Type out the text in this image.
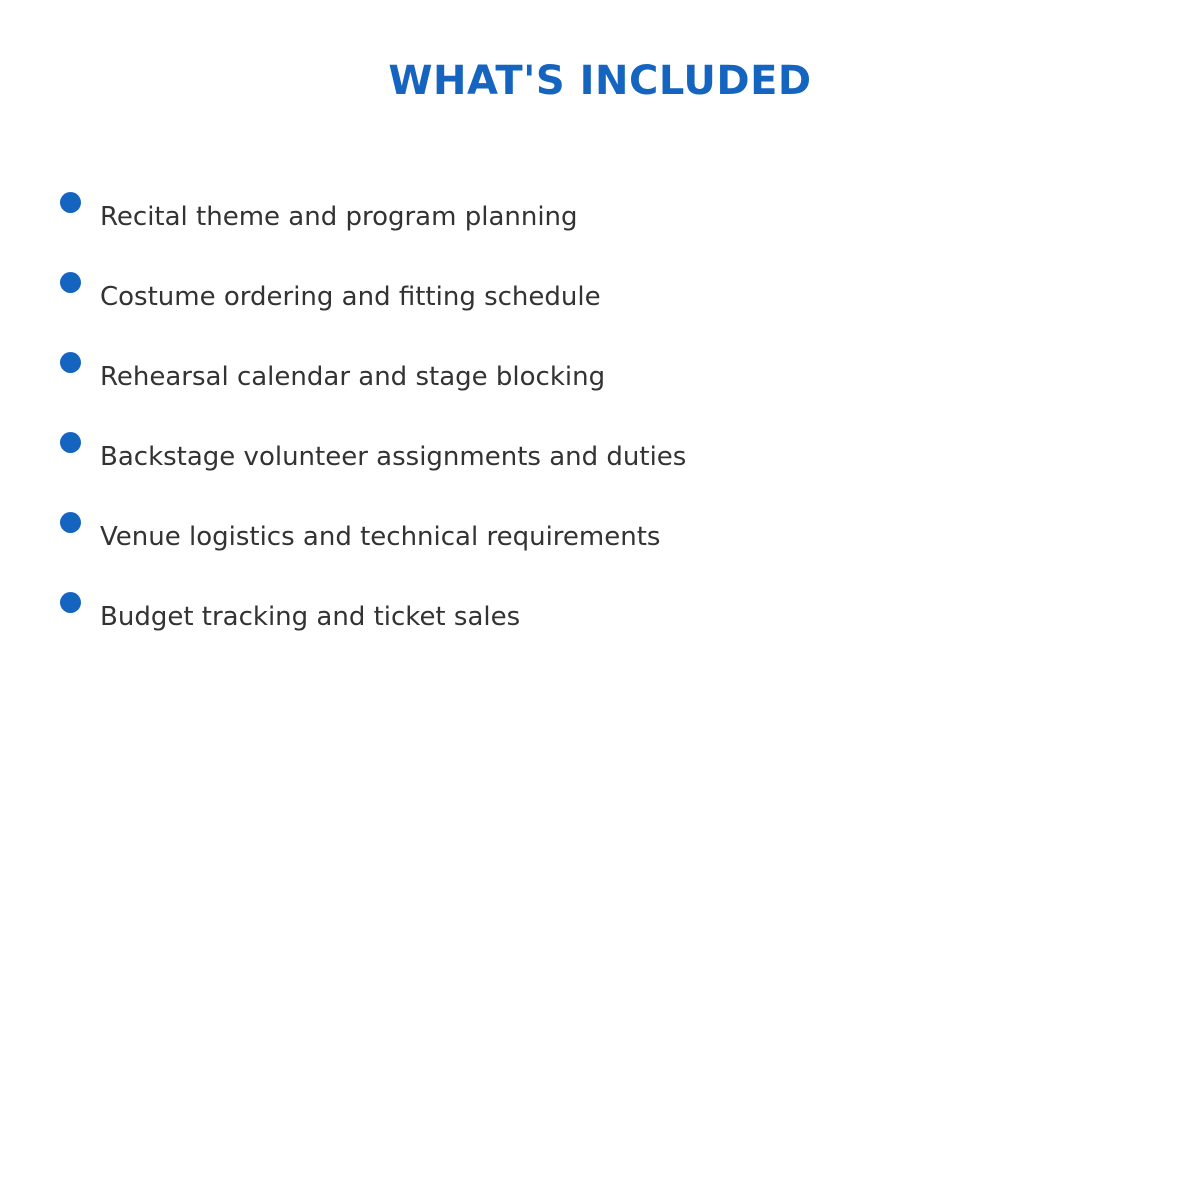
WHAT'S INCLUDED
Recital theme and program planning
Costume ordering and fitting schedule
Rehearsal calendar and stage blocking
Backstage volunteer assignments and duties
Venue logistics and technical requirements
Budget tracking and ticket sales
